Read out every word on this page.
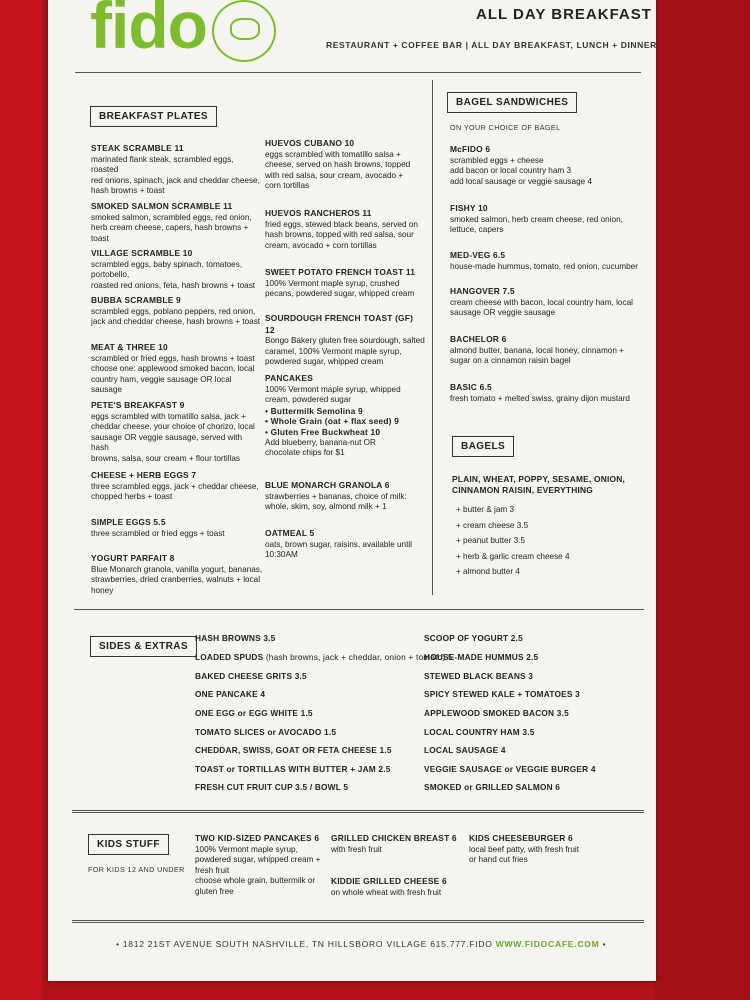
fido	ALL DAY BREAKFAST
RESTAURANT + COFFEE BAR | ALL DAY BREAKFAST, LUNCH + DINNER
BREAKFAST PLATES
STEAK SCRAMBLE 11
marinated flank steak, scrambled eggs, roasted
red onions, spinach, jack and cheddar cheese,
hash browns + toast
SMOKED SALMON SCRAMBLE 11
smoked salmon, scrambled eggs, red onion,
herb cream cheese, capers, hash browns + toast
VILLAGE SCRAMBLE 10
scrambled eggs, baby spinach, tomatoes, portobello,
roasted red onions, feta, hash browns + toast
BUBBA SCRAMBLE 9
scrambled eggs, poblano peppers, red onion,
jack and cheddar cheese, hash browns + toast
MEAT & THREE 10
scrambled or fried eggs, hash browns + toast
choose one: applewood smoked bacon, local
country ham, veggie sausage OR local sausage
PETE'S BREAKFAST 9
eggs scrambled with tomatillo salsa, jack +
cheddar cheese, your choice of chorizo, local
sausage OR veggie sausage, served with hash
browns, salsa, sour cream + flour tortillas
CHEESE + HERB EGGS 7
three scrambled eggs, jack + cheddar cheese,
chopped herbs + toast
SIMPLE EGGS 5.5
three scrambled or fried eggs + toast
YOGURT PARFAIT 8
Blue Monarch granola, vanilla yogurt, bananas,
strawberries, dried cranberries, walnuts + local honey
HUEVOS CUBANO 10
eggs scrambled with tomatillo salsa +
cheese, served on hash browns, topped
with red salsa, sour cream, avocado +
corn tortillas
HUEVOS RANCHEROS 11
fried eggs, stewed black beans, served on
hash browns, topped with red salsa, sour
cream, avocado + corn tortillas
SWEET POTATO FRENCH TOAST 11
100% Vermont maple syrup, crushed
pecans, powdered sugar, whipped cream
SOURDOUGH FRENCH TOAST (GF) 12
Bongo Bakery gluten free sourdough, salted
caramel, 100% Vermont maple syrup,
powdered sugar, whipped cream
PANCAKES
100% Vermont maple syrup, whipped
cream, powdered sugar
• Buttermilk Semolina 9
• Whole Grain (oat + flax seed) 9
• Gluten Free Buckwheat 10
Add blueberry, banana-nut OR
chocolate chips for $1
BLUE MONARCH GRANOLA 6
strawberries + bananas, choice of milk:
whole, skim, soy, almond milk + 1
OATMEAL 5
oats, brown sugar, raisins, available until
10:30AM
BAGEL SANDWICHES
ON YOUR CHOICE OF BAGEL
McFIDO 6
scrambled eggs + cheese
add bacon or local country ham 3
add local sausage or veggie sausage 4
FISHY 10
smoked salmon, herb cream cheese, red onion,
lettuce, capers
MED-VEG 6.5
house-made hummus, tomato, red onion, cucumber
HANGOVER 7.5
cream cheese with bacon, local country ham, local
sausage OR veggie sausage
BACHELOR 6
almond butter, banana, local honey, cinnamon +
sugar on a cinnamon raisin bagel
BASIC 6.5
fresh tomato + melted swiss, grainy dijon mustard
BAGELS
PLAIN, WHEAT, POPPY, SESAME, ONION,
CINNAMON RAISIN, EVERYTHING
+ butter & jam 3
+ cream cheese 3.5
+ peanut butter 3.5
+ herb & garlic cream cheese 4
+ almond butter 4
SIDES & EXTRAS
HASH BROWNS 3.5
LOADED SPUDS (hash browns, jack + cheddar, onion + tomato) 5
BAKED CHEESE GRITS 3.5
ONE PANCAKE 4
ONE EGG or EGG WHITE 1.5
TOMATO SLICES or AVOCADO 1.5
CHEDDAR, SWISS, GOAT OR FETA CHEESE 1.5
TOAST or TORTILLAS WITH BUTTER + JAM 2.5
FRESH CUT FRUIT CUP 3.5 / BOWL 5
SCOOP OF YOGURT 2.5
HOUSE-MADE HUMMUS 2.5
STEWED BLACK BEANS 3
SPICY STEWED KALE + TOMATOES 3
APPLEWOOD SMOKED BACON 3.5
LOCAL COUNTRY HAM 3.5
LOCAL SAUSAGE 4
VEGGIE SAUSAGE or VEGGIE BURGER 4
SMOKED or GRILLED SALMON 6
KIDS STUFF
FOR KIDS 12 AND UNDER
TWO KID-SIZED PANCAKES 6
100% Vermont maple syrup,
powdered sugar, whipped cream +
fresh fruit
choose whole grain, buttermilk or
gluten free
GRILLED CHICKEN BREAST 6
with fresh fruit
KIDDIE GRILLED CHEESE 6
on whole wheat with fresh fruit
KIDS CHEESEBURGER 6
local beef patty, with fresh fruit
or hand cut fries
• 1812 21ST AVENUE SOUTH NASHVILLE, TN HILLSBORO VILLAGE 615.777.FIDO WWW.FIDOCAFE.COM •
